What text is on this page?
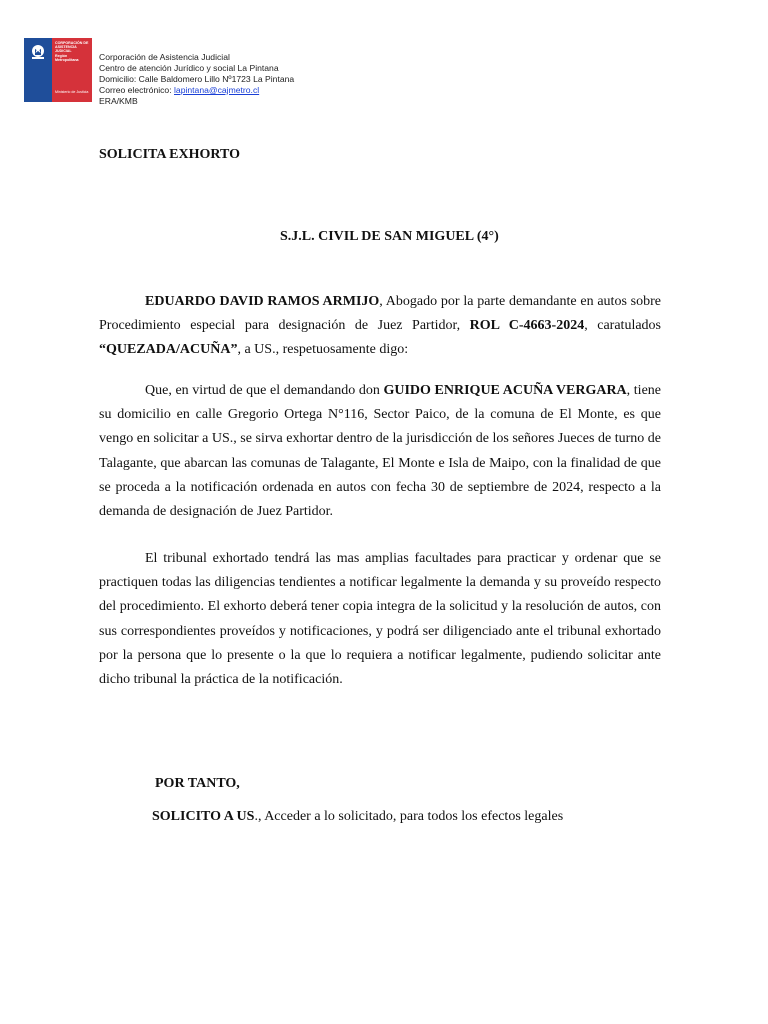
CORPORACIÓN DE ASISTENCIA JUDICIAL
Región Metropolitana
Ministerio de Justicia
Corporación de Asistencia Judicial
Centro de atención Jurídico y social La Pintana
Domicilio: Calle Baldomero Lillo Nº1723 La Pintana
Correo electrónico: lapintana@cajmetro.cl
ERA/KMB
SOLICITA EXHORTO
S.J.L. CIVIL DE SAN MIGUEL (4°)

EDUARDO DAVID RAMOS ARMIJO, Abogado por la parte demandante en autos sobre Procedimiento especial para designación de Juez Partidor, ROL C-4663-2024, caratulados “QUEZADA/ACUÑA”, a US., respetuosamente digo:

Que, en virtud de que el demandando don GUIDO ENRIQUE ACUÑA VERGARA, tiene su domicilio en calle Gregorio Ortega N°116, Sector Paico, de la comuna de El Monte, es que vengo en solicitar a US., se sirva exhortar dentro de la jurisdicción de los señores Jueces de turno de Talagante, que abarcan las comunas de Talagante, El Monte e Isla de Maipo, con la finalidad de que se proceda a la notificación ordenada en autos con fecha 30 de septiembre de 2024, respecto a la demanda de designación de Juez Partidor.

El tribunal exhortado tendrá las mas amplias facultades para practicar y ordenar que se practiquen todas las diligencias tendientes a notificar legalmente la demanda y su proveído respecto del procedimiento. El exhorto deberá tener copia integra de la solicitud y la resolución de autos, con sus correspondientes proveídos y notificaciones, y podrá ser diligenciado ante el tribunal exhortado por la persona que lo presente o la que lo requiera a notificar legalmente, pudiendo solicitar ante dicho tribunal la práctica de la notificación.

POR TANTO,
SOLICITO A US., Acceder a lo solicitado, para todos los efectos legales
